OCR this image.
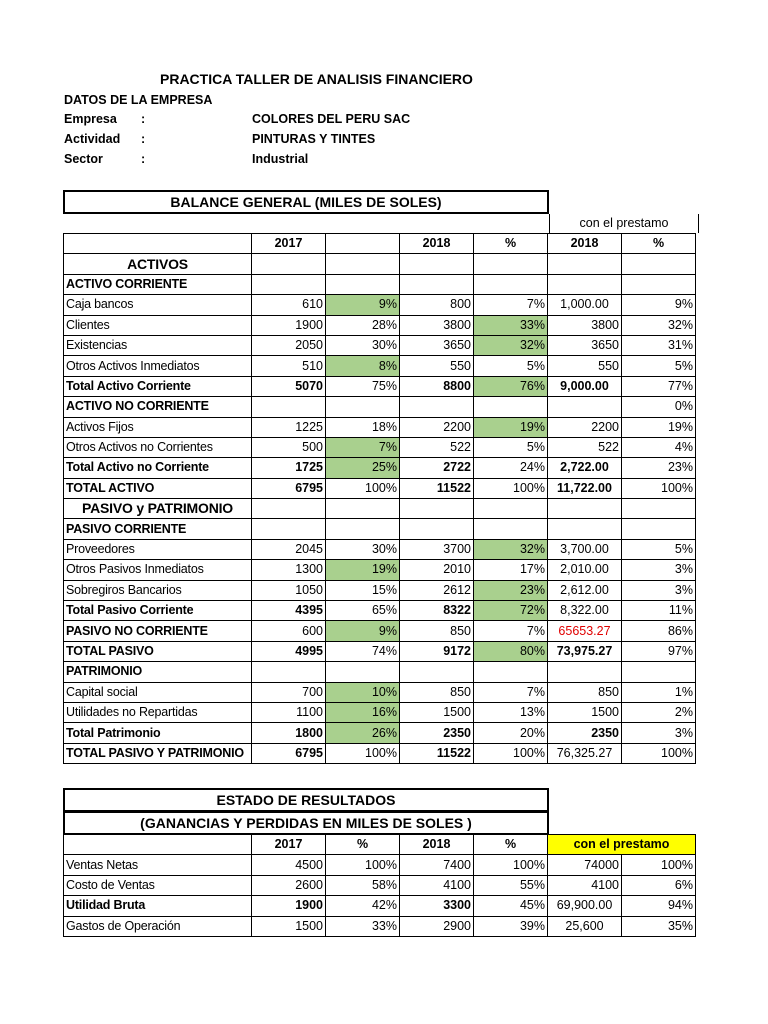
PRACTICA TALLER DE ANALISIS FINANCIERO
DATOS DE LA EMPRESA
Empresa :	COLORES DEL PERU SAC
Actividad :	PINTURAS Y TINTES
Sector	:	Industrial
BALANCE GENERAL (MILES DE SOLES)
con el prestamo
	2017		2018	%	2018	%
ACTIVOS						
ACTIVO CORRIENTE						
Caja bancos	610	9%	800	7%	1,000.00	9%
Clientes	1900	28%	3800	33%	3800	32%
Existencias	2050	30%	3650	32%	3650	31%
Otros Activos Inmediatos	510	8%	550	5%	550	5%
Total Activo Corriente	5070	75%	8800	76%	9,000.00	77%
ACTIVO NO CORRIENTE						0%
Activos Fijos	1225	18%	2200	19%	2200	19%
Otros Activos no Corrientes	500	7%	522	5%	522	4%
Total Activo no Corriente	1725	25%	2722	24%	2,722.00	23%
TOTAL ACTIVO	6795	100%	11522	100%	11,722.00	100%
PASIVO y PATRIMONIO						
PASIVO CORRIENTE						
Proveedores	2045	30%	3700	32%	3,700.00	5%
Otros Pasivos Inmediatos	1300	19%	2010	17%	2,010.00	3%
Sobregiros Bancarios	1050	15%	2612	23%	2,612.00	3%
Total Pasivo Corriente	4395	65%	8322	72%	8,322.00	11%
PASIVO NO CORRIENTE	600	9%	850	7%	65653.27	86%
TOTAL PASIVO	4995	74%	9172	80%	73,975.27	97%
PATRIMONIO						
Capital social	700	10%	850	7%	850	1%
Utilidades no Repartidas	1100	16%	1500	13%	1500	2%
Total Patrimonio	1800	26%	2350	20%	2350	3%
TOTAL PASIVO Y PATRIMONIO	6795	100%	11522	100%	76,325.27	100%
ESTADO DE RESULTADOS
(GANANCIAS Y PERDIDAS EN MILES DE SOLES )
	2017	%	2018	%	con el prestamo	
Ventas Netas	4500	100%	7400	100%	74000	100%
Costo de Ventas	2600	58%	4100	55%	4100	6%
Utilidad Bruta	1900	42%	3300	45%	69,900.00	94%
Gastos de Operación	1500	33%	2900	39%	25,600	35%
